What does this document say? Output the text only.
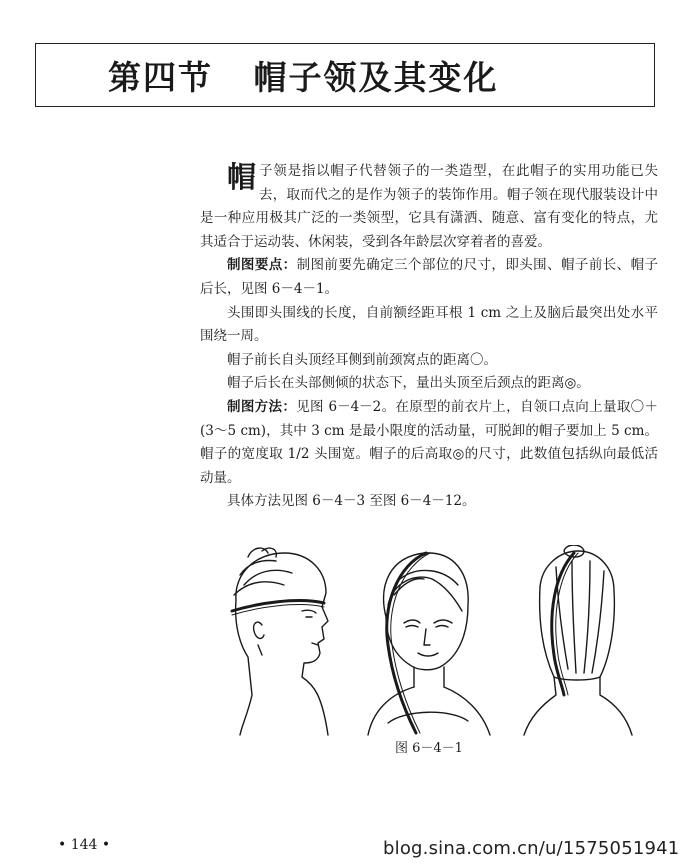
第四节 帽子领及其变化

帽子领是指以帽子代替领子的一类造型，在此帽子的实用功能已失去，取而代之的是作为领子的装饰作用。帽子领在现代服装设计中是一种应用极其广泛的一类领型，它具有潇洒、随意、富有变化的特点，尤其适合于运动装、休闲装，受到各年龄层次穿着者的喜爱。

制图要点：制图前要先确定三个部位的尺寸，即头围、帽子前长、帽子后长，见图 6－4－1。

头围即头围线的长度，自前额经距耳根 1 cm 之上及脑后最突出处水平围绕一周。

帽子前长自头顶经耳侧到前颈窝点的距离〇。

帽子后长在头部侧倾的状态下，量出头顶至后颈点的距离◎。

制图方法：见图 6－4－2。在原型的前衣片上，自领口点向上量取〇＋(3～5 cm)，其中 3 cm 是最小限度的活动量，可脱卸的帽子要加上 5 cm。帽子的宽度取 1/2 头围宽。帽子的后高取◎的尺寸，此数值包括纵向最低活动量。

具体方法见图 6－4－3 至图 6－4－12。

图 6－4－1
• 144 •	blog.sina.com.cn/u/1575051941
